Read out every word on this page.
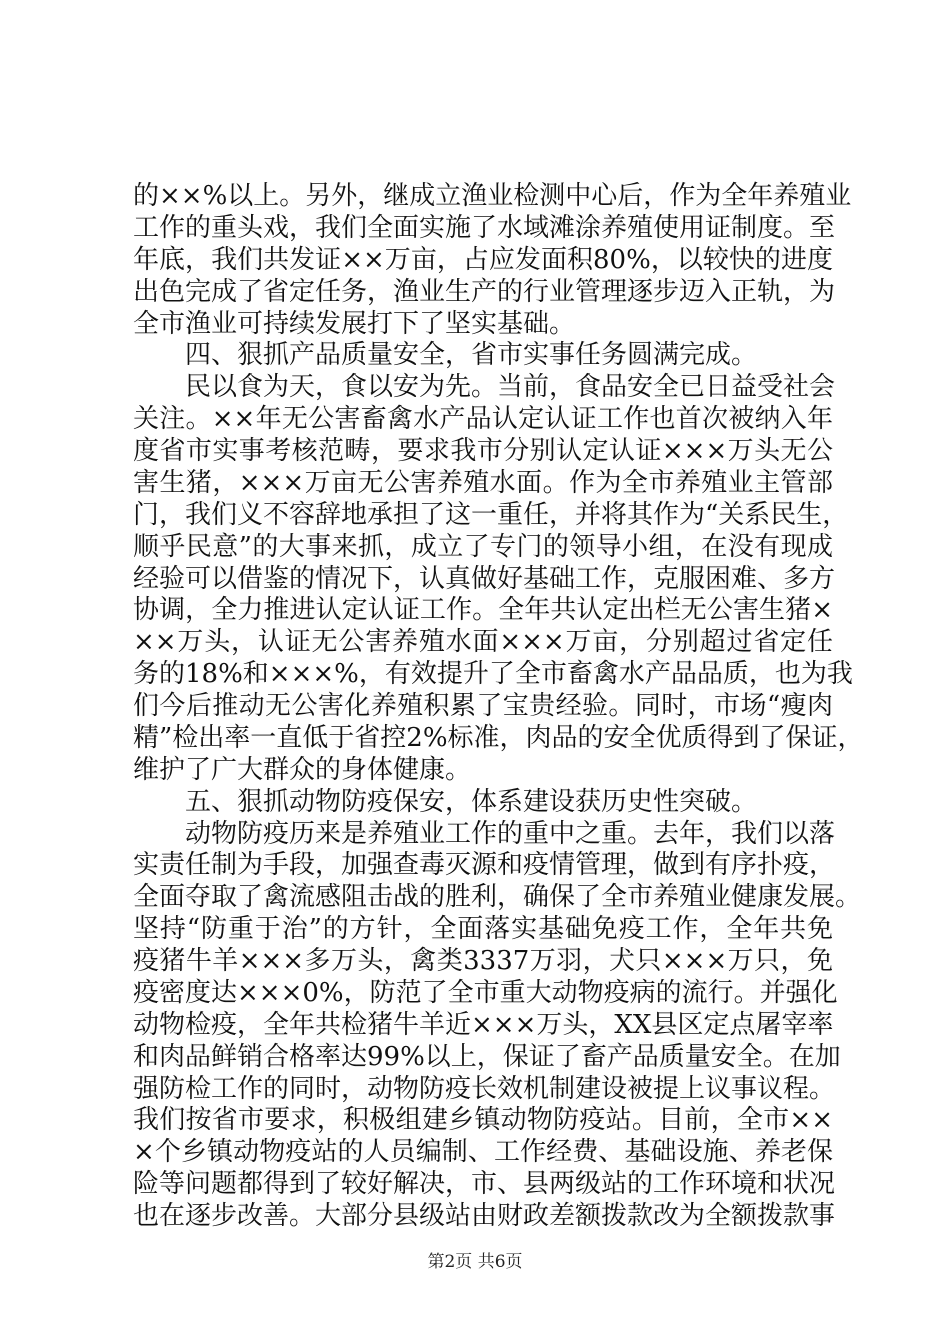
的××%以上。另外，继成立渔业检测中心后，作为全年养殖业
工作的重头戏，我们全面实施了水域滩涂养殖使用证制度。至
年底，我们共发证××万亩，占应发面积80%，以较快的进度
出色完成了省定任务，渔业生产的行业管理逐步迈入正轨，为
全市渔业可持续发展打下了坚实基础。
四、狠抓产品质量安全，省市实事任务圆满完成。
民以食为天，食以安为先。当前，食品安全已日益受社会
关注。××年无公害畜禽水产品认定认证工作也首次被纳入年
度省市实事考核范畴，要求我市分别认定认证×××万头无公
害生猪，×××万亩无公害养殖水面。作为全市养殖业主管部
门，我们义不容辞地承担了这一重任，并将其作为“关系民生，
顺乎民意”的大事来抓，成立了专门的领导小组，在没有现成
经验可以借鉴的情况下，认真做好基础工作，克服困难、多方
协调，全力推进认定认证工作。全年共认定出栏无公害生猪×
××万头，认证无公害养殖水面×××万亩，分别超过省定任
务的18%和×××%，有效提升了全市畜禽水产品品质，也为我
们今后推动无公害化养殖积累了宝贵经验。同时，市场“瘦肉
精”检出率一直低于省控2%标准，肉品的安全优质得到了保证，
维护了广大群众的身体健康。
五、狠抓动物防疫保安，体系建设获历史性突破。
动物防疫历来是养殖业工作的重中之重。去年，我们以落
实责任制为手段，加强查毒灭源和疫情管理，做到有序扑疫，
全面夺取了禽流感阻击战的胜利，确保了全市养殖业健康发展。
坚持“防重于治”的方针，全面落实基础免疫工作，全年共免
疫猪牛羊×××多万头，禽类3337万羽，犬只×××万只，免
疫密度达×××0%，防范了全市重大动物疫病的流行。并强化
动物检疫，全年共检猪牛羊近×××万头，XX县区定点屠宰率
和肉品鲜销合格率达99%以上，保证了畜产品质量安全。在加
强防检工作的同时，动物防疫长效机制建设被提上议事议程。
我们按省市要求，积极组建乡镇动物防疫站。目前，全市××
×个乡镇动物疫站的人员编制、工作经费、基础设施、养老保
险等问题都得到了较好解决，市、县两级站的工作环境和状况
也在逐步改善。大部分县级站由财政差额拨款改为全额拨款事
第2页 共6页
